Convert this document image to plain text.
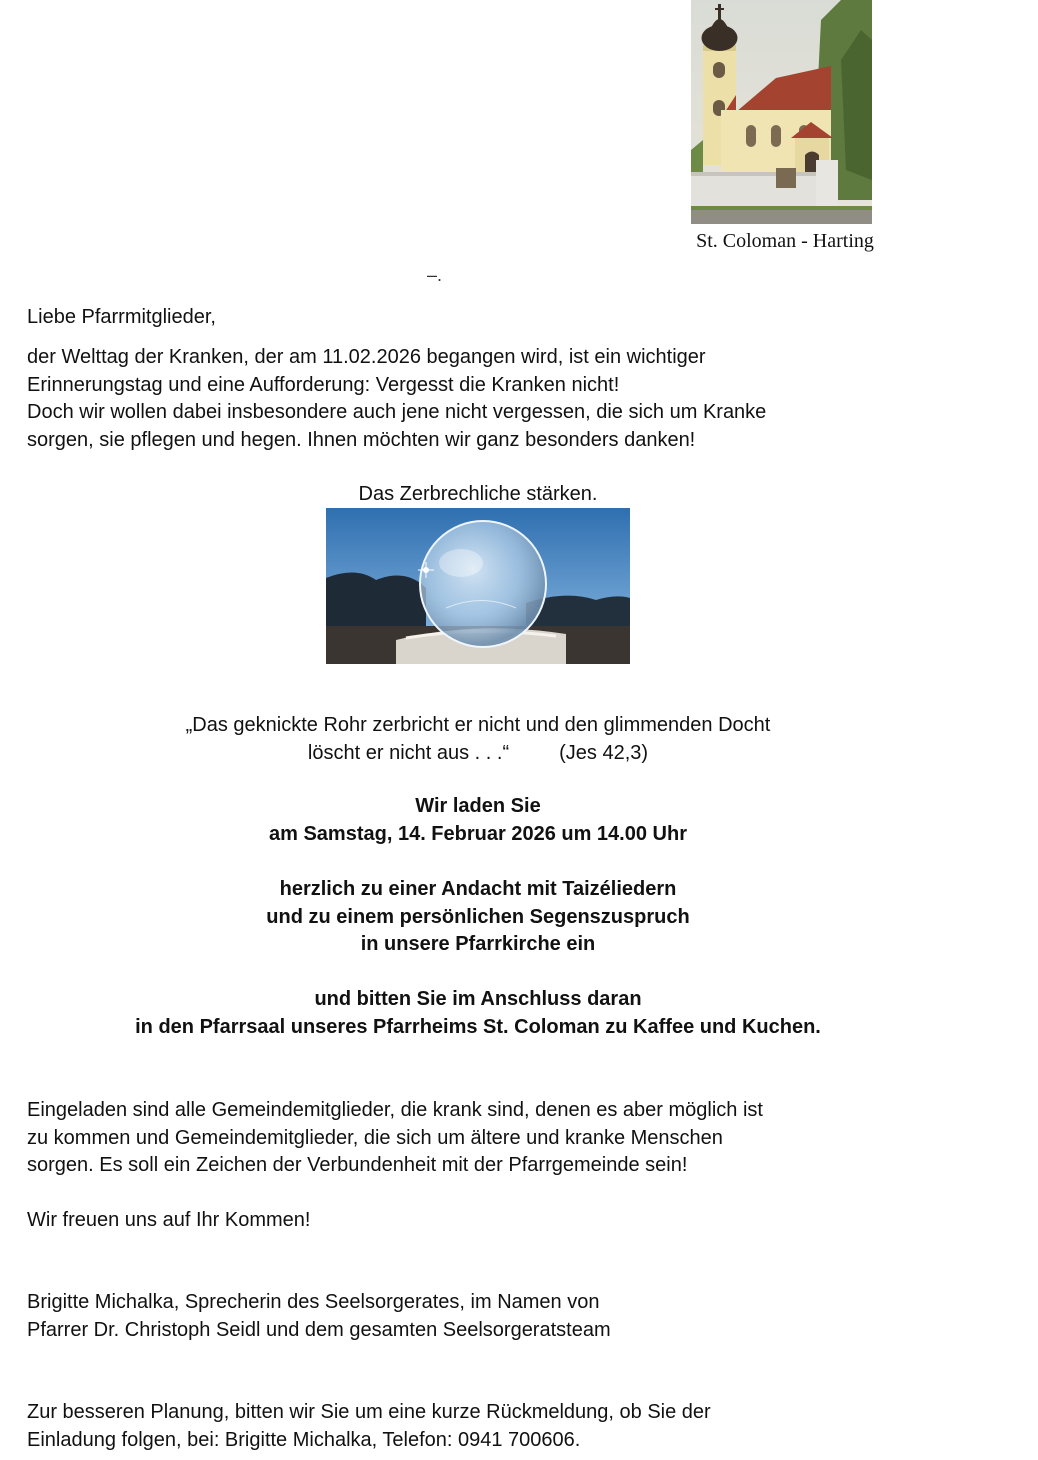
St. Coloman - Harting
–.

Liebe Pfarrmitglieder,

der Welttag der Kranken, der am 11.02.2026 begangen wird, ist ein wichtiger
Erinnerungstag und eine Aufforderung: Vergesst die Kranken nicht!
Doch wir wollen dabei insbesondere auch jene nicht vergessen, die sich um Kranke
sorgen, sie pflegen und hegen. Ihnen möchten wir ganz besonders danken!
Das Zerbrechliche stärken.
„Das geknickte Rohr zerbricht er nicht und den glimmenden Docht
löscht er nicht aus . . .“	(Jes 42,3)
Wir laden Sie
am Samstag, 14. Februar 2026 um 14.00 Uhr
herzlich zu einer Andacht mit Taizéliedern
und zu einem persönlichen Segenszuspruch
in unsere Pfarrkirche ein
und bitten Sie im Anschluss daran
in den Pfarrsaal unseres Pfarrheims St. Coloman zu Kaffee und Kuchen.
Eingeladen sind alle Gemeindemitglieder, die krank sind, denen es aber möglich ist
zu kommen und Gemeindemitglieder, die sich um ältere und kranke Menschen
sorgen. Es soll ein Zeichen der Verbundenheit mit der Pfarrgemeinde sein!
Wir freuen uns auf Ihr Kommen!
Brigitte Michalka, Sprecherin des Seelsorgerates, im Namen von
Pfarrer Dr. Christoph Seidl und dem gesamten Seelsorgeratsteam
Zur besseren Planung, bitten wir Sie um eine kurze Rückmeldung, ob Sie der
Einladung folgen, bei: Brigitte Michalka, Telefon: 0941 700606.
